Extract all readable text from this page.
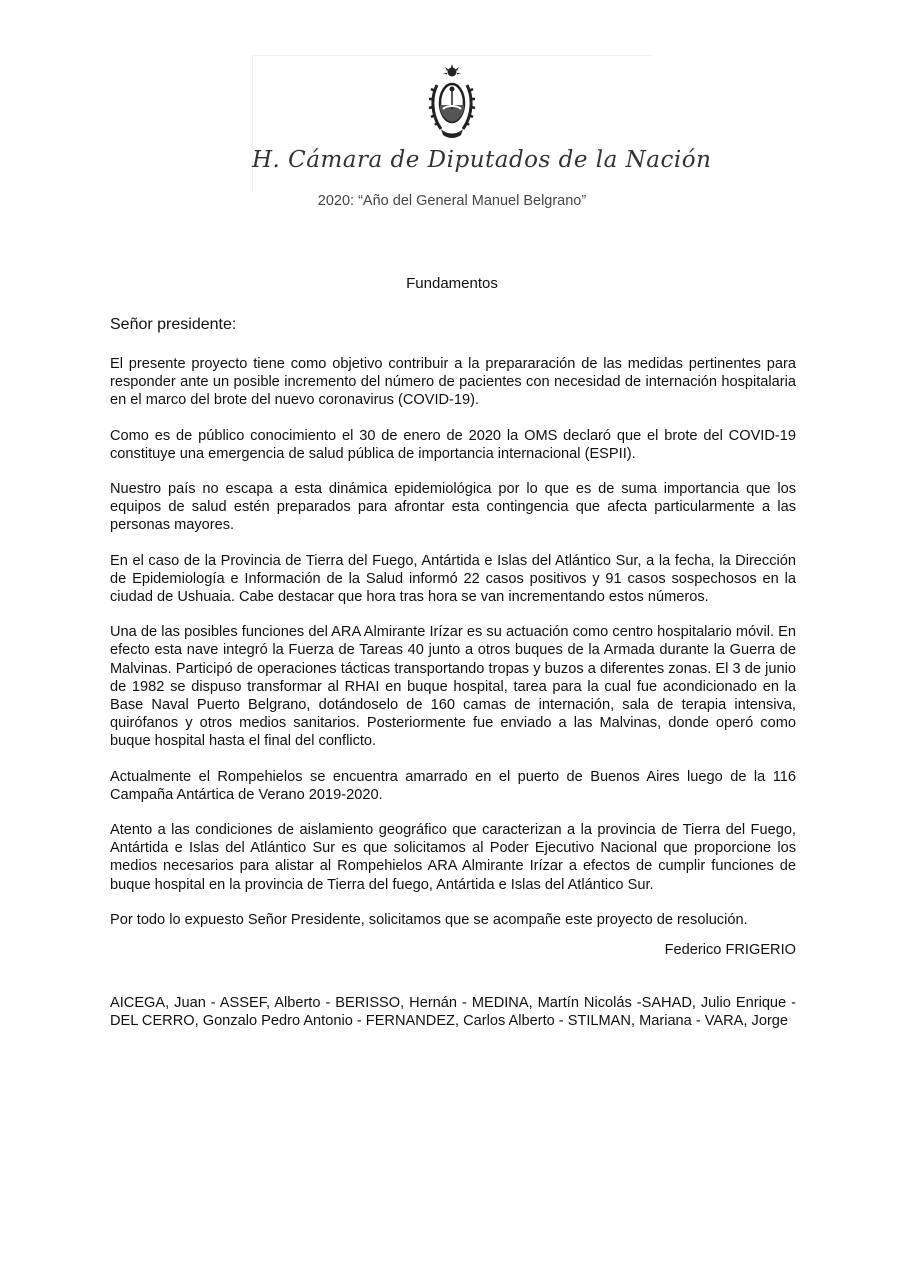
H. Cámara de Diputados de la Nación
2020: “Año del General Manuel Belgrano”
Fundamentos
Señor presidente:

El presente proyecto tiene como objetivo contribuir a la prepararación de las medidas pertinentes para responder ante un posible incremento del número de pacientes con necesidad de internación hospitalaria en el marco del brote del nuevo coronavirus (COVID-19).

Como es de público conocimiento el 30 de enero de 2020 la OMS declaró que el brote del COVID-19 constituye una emergencia de salud pública de importancia internacional (ESPII).

Nuestro país no escapa a esta dinámica epidemiológica por lo que es de suma importancia que los equipos de salud estén preparados para afrontar esta contingencia que afecta particularmente a las personas mayores.

En el caso de la Provincia de Tierra del Fuego, Antártida e Islas del Atlántico Sur, a la fecha, la Dirección de Epidemiología e Información de la Salud informó 22 casos positivos y 91 casos sospechosos en la ciudad de Ushuaia. Cabe destacar que hora tras hora se van incrementando estos números.

Una de las posibles funciones del ARA Almirante Irízar es su actuación como centro hospitalario móvil. En efecto esta nave integró la Fuerza de Tareas 40 junto a otros buques de la Armada durante la Guerra de Malvinas. Participó de operaciones tácticas transportando tropas y buzos a diferentes zonas. El 3 de junio de 1982 se dispuso transformar al RHAI en buque hospital, tarea para la cual fue acondicionado en la Base Naval Puerto Belgrano, dotándoselo de 160 camas de internación, sala de terapia intensiva, quirófanos y otros medios sanitarios. Posteriormente fue enviado a las Malvinas, donde operó como buque hospital hasta el final del conflicto.

Actualmente el Rompehielos se encuentra amarrado en el puerto de Buenos Aires luego de la 116 Campaña Antártica de Verano 2019-2020.

Atento a las condiciones de aislamiento geográfico que caracterizan a la provincia de Tierra del Fuego, Antártida e Islas del Atlántico Sur es que solicitamos al Poder Ejecutivo Nacional que proporcione los medios necesarios para alistar al Rompehielos ARA Almirante Irízar a efectos de cumplir funciones de buque hospital en la provincia de Tierra del fuego, Antártida e Islas del Atlántico Sur.

Por todo lo expuesto Señor Presidente, solicitamos que se acompañe este proyecto de resolución.

Federico FRIGERIO
AICEGA, Juan - ASSEF, Alberto - BERISSO, Hernán - MEDINA, Martín Nicolás -SAHAD, Julio Enrique - DEL CERRO, Gonzalo Pedro Antonio - FERNANDEZ, Carlos Alberto - STILMAN, Mariana - VARA, Jorge
